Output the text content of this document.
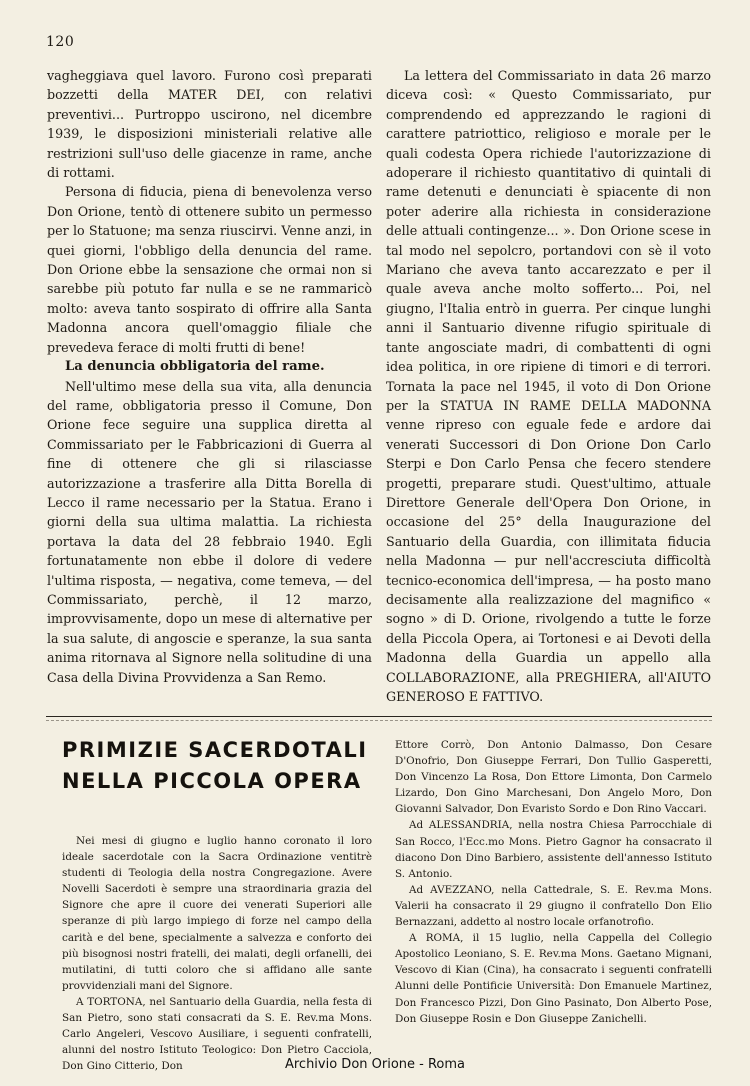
120

vagheggiava quel lavoro. Furono così preparati bozzetti della MATER DEI, con relativi preventivi... Purtroppo uscirono, nel dicembre 1939, le disposizioni ministeriali relative alle restrizioni sull'uso delle giacenze in rame, anche di rottami.

Persona di fiducia, piena di benevolenza verso Don Orione, tentò di ottenere subito un permesso per lo Statuone; ma senza riuscirvi. Venne anzi, in quei giorni, l'obbligo della denuncia del rame. Don Orione ebbe la sensazione che ormai non si sarebbe più potuto far nulla e se ne rammaricò molto: aveva tanto sospirato di offrire alla Santa Madonna ancora quell'omaggio filiale che prevedeva ferace di molti frutti di bene!

La denuncia obbligatoria del rame.

Nell'ultimo mese della sua vita, alla denuncia del rame, obbligatoria presso il Comune, Don Orione fece seguire una supplica diretta al Commissariato per le Fabbricazioni di Guerra al fine di ottenere che gli si rilasciasse autorizzazione a trasferire alla Ditta Borella di Lecco il rame necessario per la Statua. Erano i giorni della sua ultima malattia. La richiesta portava la data del 28 febbraio 1940. Egli fortunatamente non ebbe il dolore di vedere l'ultima risposta, — negativa, come temeva, — del Commissariato, perchè, il 12 marzo, improvvisamente, dopo un mese di alternative per la sua salute, di angoscie e speranze, la sua santa anima ritornava al Signore nella solitudine di una Casa della Divina Provvidenza a San Remo.

La lettera del Commissariato in data 26 marzo diceva così: « Questo Commissariato, pur comprendendo ed apprezzando le ragioni di carattere patriottico, religioso e morale per le quali codesta Opera richiede l'autorizzazione di adoperare il richiesto quantitativo di quintali di rame detenuti e denunciati è spiacente di non poter aderire alla richiesta in considerazione delle attuali contingenze... ». Don Orione scese in tal modo nel sepolcro, portandovi con sè il voto Mariano che aveva tanto accarezzato e per il quale aveva anche molto sofferto... Poi, nel giugno, l'Italia entrò in guerra. Per cinque lunghi anni il Santuario divenne rifugio spirituale di tante angosciate madri, di combattenti di ogni idea politica, in ore ripiene di timori e di terrori. Tornata la pace nel 1945, il voto di Don Orione per la STATUA IN RAME DELLA MADONNA venne ripreso con eguale fede e ardore dai venerati Successori di Don Orione Don Carlo Sterpi e Don Carlo Pensa che fecero stendere progetti, preparare studi. Quest'ultimo, attuale Direttore Generale dell'Opera Don Orione, in occasione del 25° della Inaugurazione del Santuario della Guardia, con illimitata fiducia nella Madonna — pur nell'accresciuta difficoltà tecnico-economica dell'impresa, — ha posto mano decisamente alla realizzazione del magnifico « sogno » di D. Orione, rivolgendo a tutte le forze della Piccola Opera, ai Tortonesi e ai Devoti della Madonna della Guardia un appello alla COLLABORAZIONE, alla PREGHIERA, all'AIUTO GENEROSO E FATTIVO.

PRIMIZIE SACERDOTALI
NELLA PICCOLA OPERA

Nei mesi di giugno e luglio hanno coronato il loro ideale sacerdotale con la Sacra Ordinazione ventitrè studenti di Teologia della nostra Congregazione. Avere Novelli Sacerdoti è sempre una straordinaria grazia del Signore che apre il cuore dei venerati Superiori alle speranze di più largo impiego di forze nel campo della carità e del bene, specialmente a salvezza e conforto dei più bisognosi nostri fratelli, dei malati, degli orfanelli, dei mutilatini, di tutti coloro che si affidano alle sante provvidenziali mani del Signore.

A TORTONA, nel Santuario della Guardia, nella festa di San Pietro, sono stati consacrati da S. E. Rev.ma Mons. Carlo Angeleri, Vescovo Ausiliare, i seguenti confratelli, alunni del nostro Istituto Teologico: Don Pietro Cacciola, Don Gino Citterio, Don

Ettore Corrò, Don Antonio Dalmasso, Don Cesare D'Onofrio, Don Giuseppe Ferrari, Don Tullio Gasperetti, Don Vincenzo La Rosa, Don Ettore Limonta, Don Carmelo Lizardo, Don Gino Marchesani, Don Angelo Moro, Don Giovanni Salvador, Don Evaristo Sordo e Don Rino Vaccari.

Ad ALESSANDRIA, nella nostra Chiesa Parrocchiale di San Rocco, l'Ecc.mo Mons. Pietro Gagnor ha consacrato il diacono Don Dino Barbiero, assistente dell'annesso Istituto S. Antonio.

Ad AVEZZANO, nella Cattedrale, S. E. Rev.ma Mons. Valerii ha consacrato il 29 giugno il confratello Don Elio Bernazzani, addetto al nostro locale orfanotrofio.

A ROMA, il 15 luglio, nella Cappella del Collegio Apostolico Leoniano, S. E. Rev.ma Mons. Gaetano Mignani, Vescovo di Kian (Cina), ha consacrato i seguenti confratelli Alunni delle Pontificie Università: Don Emanuele Martinez, Don Francesco Pizzi, Don Gino Pasinato, Don Alberto Pose, Don Giuseppe Rosin e Don Giuseppe Zanichelli.

Archivio Don Orione - Roma
